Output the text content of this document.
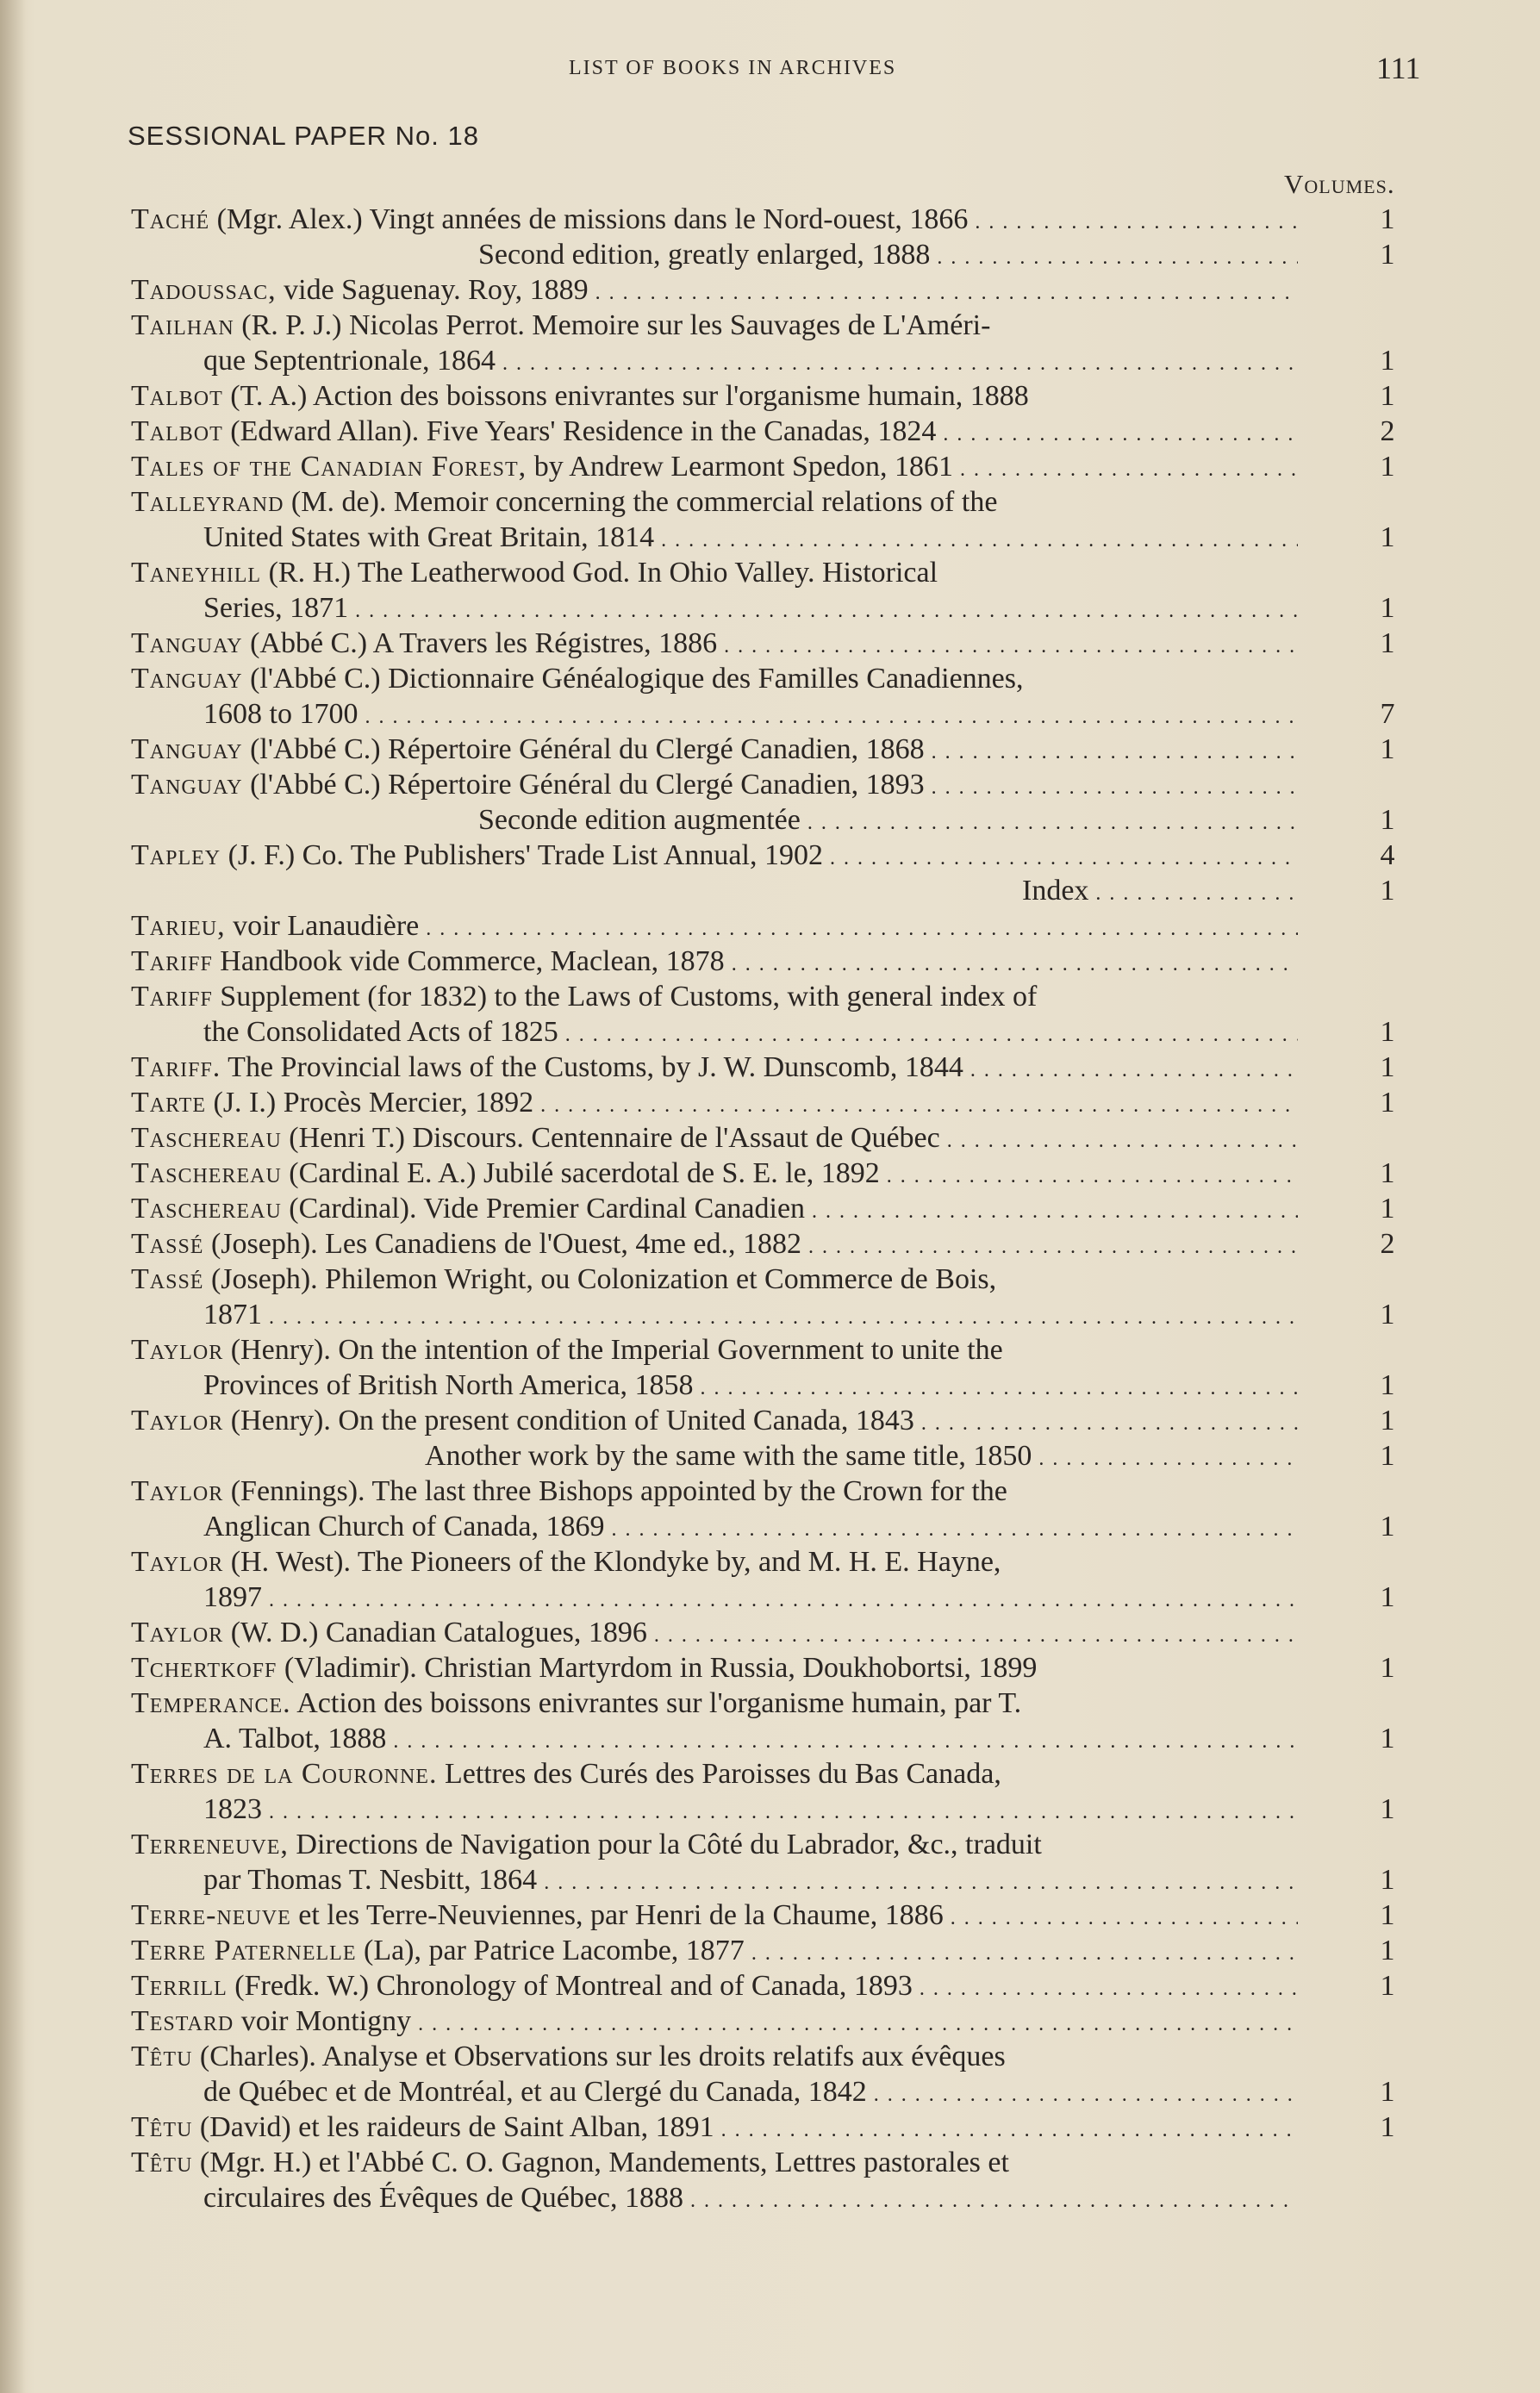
LIST OF BOOKS IN ARCHIVES	111
SESSIONAL PAPER No. 18
Volumes.
Taché (Mgr. Alex.) Vingt années de missions dans le Nord-ouest, 1866 . . .	1
Second edition, greatly enlarged, 1888 . . .	1
Tadoussac, vide Saguenay. Roy, 1889 . . .
Tailhan (R. P. J.) Nicolas Perrot. Memoire sur les Sauvages de L'Améri-
que Septentrionale, 1864 . . .	1
Talbot (T. A.) Action des boissons enivrantes sur l'organisme humain, 1888	1
Talbot (Edward Allan). Five Years' Residence in the Canadas, 1824 . . .	2
Tales of the Canadian Forest, by Andrew Learmont Spedon, 1861 . . .	1
Talleyrand (M. de). Memoir concerning the commercial relations of the
United States with Great Britain, 1814 . . .	1
Taneyhill (R. H.) The Leatherwood God. In Ohio Valley. Historical
Series, 1871 . . .	1
Tanguay (Abbé C.) A Travers les Régistres, 1886 . . .	1
Tanguay (l'Abbé C.) Dictionnaire Généalogique des Familles Canadiennes,
1608 to 1700 . . .	7
Tanguay (l'Abbé C.) Répertoire Général du Clergé Canadien, 1868 . . .	1
Tanguay (l'Abbé C.) Répertoire Général du Clergé Canadien, 1893 . . .
Seconde edition augmentée . . .	1
Tapley (J. F.) Co. The Publishers' Trade List Annual, 1902 . . .	4
Index . . .	1
Tarieu, voir Lanaudière . . .
Tariff Handbook vide Commerce, Maclean, 1878 . . .
Tariff Supplement (for 1832) to the Laws of Customs, with general index of
the Consolidated Acts of 1825 . . .	1
Tariff. The Provincial laws of the Customs, by J. W. Dunscomb, 1844 . . .	1
Tarte (J. I.) Procès Mercier, 1892 . . .	1
Taschereau (Henri T.) Discours. Centennaire de l'Assaut de Québec . . .
Taschereau (Cardinal E. A.) Jubilé sacerdotal de S. E. le, 1892 . . .	1
Taschereau (Cardinal). Vide Premier Cardinal Canadien . . .	1
Tassé (Joseph). Les Canadiens de l'Ouest, 4me ed., 1882 . . .	2
Tassé (Joseph). Philemon Wright, ou Colonization et Commerce de Bois,
1871 . . .	1
Taylor (Henry). On the intention of the Imperial Government to unite the
Provinces of British North America, 1858 . . .	1
Taylor (Henry). On the present condition of United Canada, 1843 . . .	1
Another work by the same with the same title, 1850 . . .	1
Taylor (Fennings). The last three Bishops appointed by the Crown for the
Anglican Church of Canada, 1869 . . .	1
Taylor (H. West). The Pioneers of the Klondyke by, and M. H. E. Hayne,
1897 . . .	1
Taylor (W. D.) Canadian Catalogues, 1896 . . .
Tchertkoff (Vladimir). Christian Martyrdom in Russia, Doukhobortsi, 1899	1
Temperance. Action des boissons enivrantes sur l'organisme humain, par T.
A. Talbot, 1888 . . .	1
Terres de la Couronne. Lettres des Curés des Paroisses du Bas Canada,
1823 . . .	1
Terreneuve, Directions de Navigation pour la Côté du Labrador, &c., traduit
par Thomas T. Nesbitt, 1864 . . .	1
Terre-neuve et les Terre-Neuviennes, par Henri de la Chaume, 1886 . . .	1
Terre Paternelle (La), par Patrice Lacombe, 1877 . . .	1
Terrill (Fredk. W.) Chronology of Montreal and of Canada, 1893 . . .	1
Testard voir Montigny . . .
Têtu (Charles). Analyse et Observations sur les droits relatifs aux évêques
de Québec et de Montréal, et au Clergé du Canada, 1842 . . .	1
Têtu (David) et les raideurs de Saint Alban, 1891 . . .	1
Têtu (Mgr. H.) et l'Abbé C. O. Gagnon, Mandements, Lettres pastorales et
circulaires des Évêques de Québec, 1888 . . .
